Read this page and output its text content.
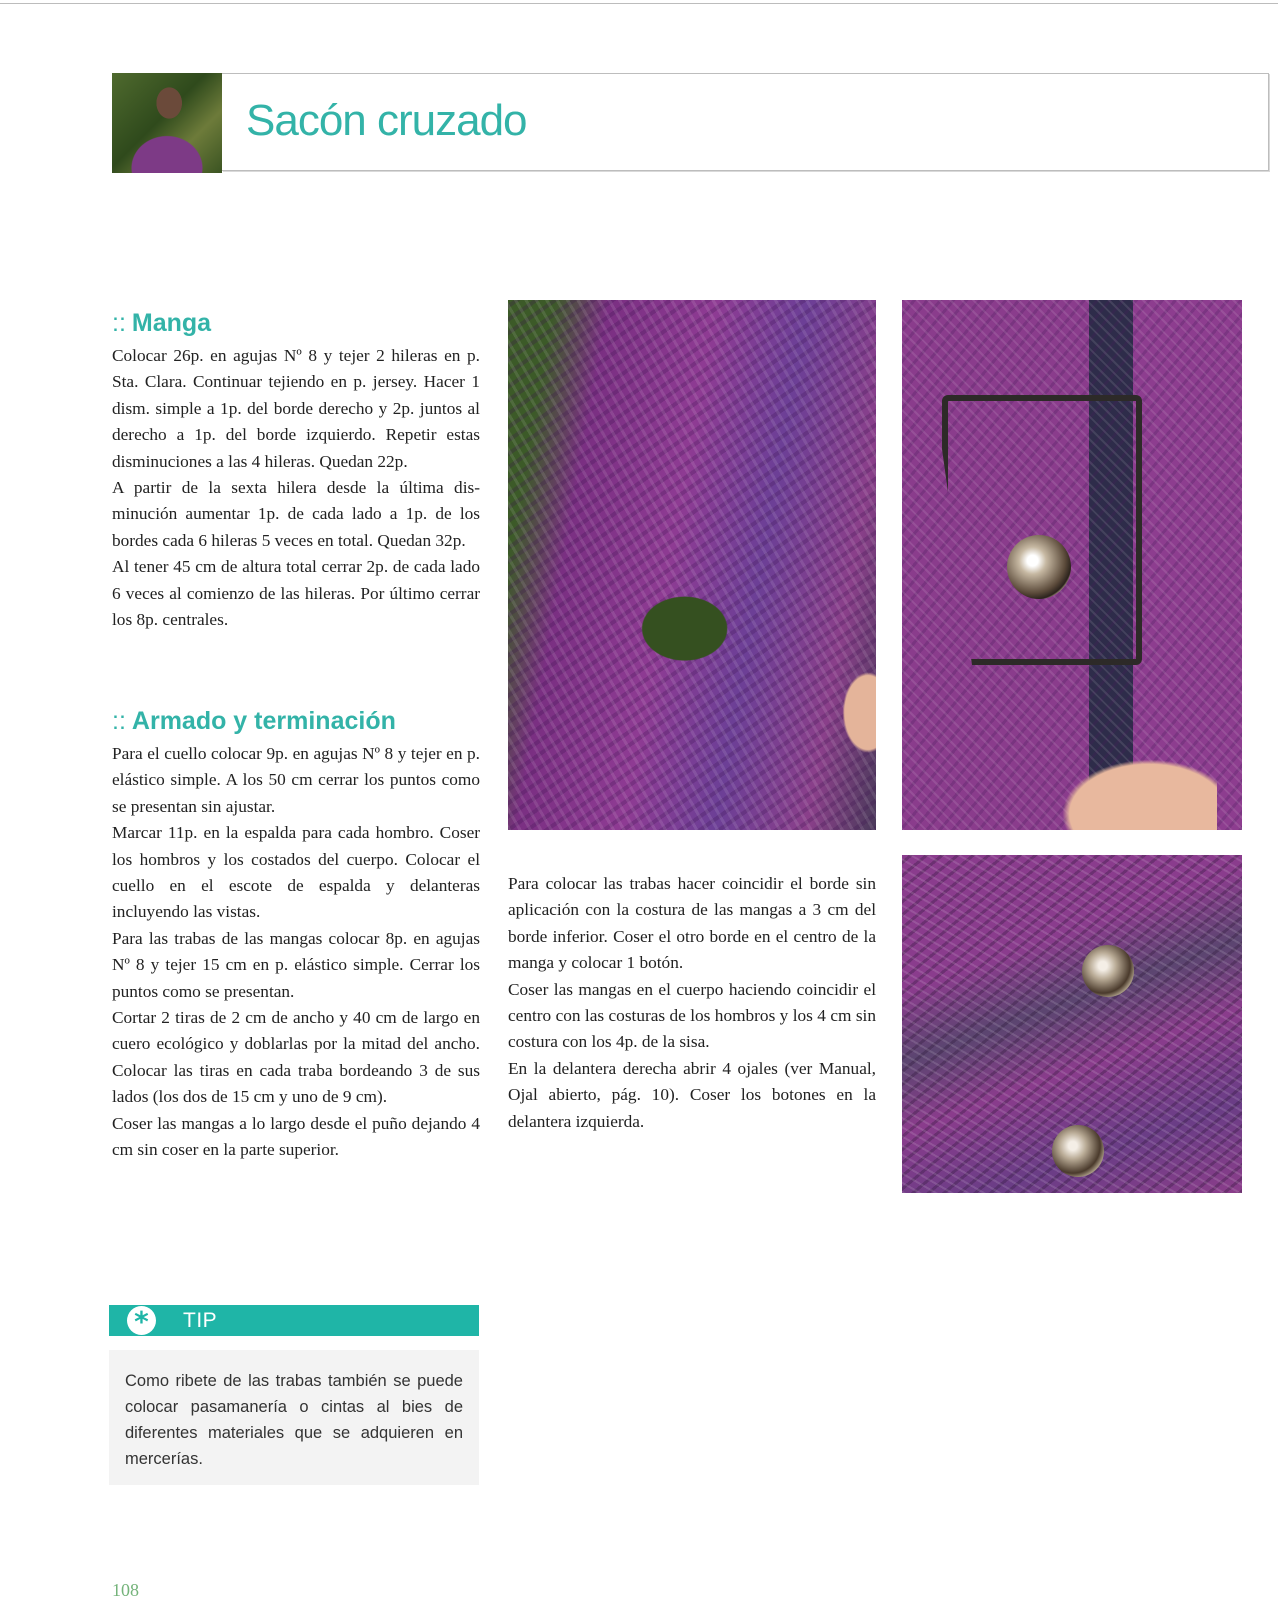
Sacón cruzado
:: Manga

Colocar 26p. en agujas Nº 8 y tejer 2 hileras en p. Sta. Clara. Continuar tejiendo en p. jersey. Hacer 1 dism. simple a 1p. del borde derecho y 2p. juntos al derecho a 1p. del borde izquierdo. Repetir estas disminuciones a las 4 hileras. Quedan 22p.

A partir de la sexta hilera desde la última disminución aumentar 1p. de cada lado a 1p. de los bordes cada 6 hileras 5 veces en total. Quedan 32p.

Al tener 45 cm de altura total cerrar 2p. de cada lado 6 veces al comienzo de las hileras. Por último cerrar los 8p. centrales.

:: Armado y terminación

Para el cuello colocar 9p. en agujas Nº 8 y tejer en p. elástico simple. A los 50 cm cerrar los puntos como se presentan sin ajustar.

Marcar 11p. en la espalda para cada hombro. Coser los hombros y los costados del cuerpo. Colocar el cuello en el escote de espalda y delanteras incluyendo las vistas.

Para las trabas de las mangas colocar 8p. en agujas Nº 8 y tejer 15 cm en p. elástico simple. Cerrar los puntos como se presentan.

Cortar 2 tiras de 2 cm de ancho y 40 cm de largo en cuero ecológico y doblarlas por la mitad del ancho. Colocar las tiras en cada traba bordeando 3 de sus lados (los dos de 15 cm y uno de 9 cm).

Coser las mangas a lo largo desde el puño dejando 4 cm sin coser en la parte superior.

Para colocar las trabas hacer coincidir el borde sin aplicación con la costura de las mangas a 3 cm del borde inferior. Coser el otro borde en el centro de la manga y colocar 1 botón.

Coser las mangas en el cuerpo haciendo coincidir el centro con las costuras de los hombros y los 4 cm sin costura con los 4p. de la sisa.

En la delantera derecha abrir 4 ojales (ver Manual, Ojal abierto, pág. 10). Coser los botones en la delantera izquierda.

*	TIP
Como ribete de las trabas también se puede colocar pasamanería o cintas al bies de diferentes materiales que se adquieren en mercerías.
108
